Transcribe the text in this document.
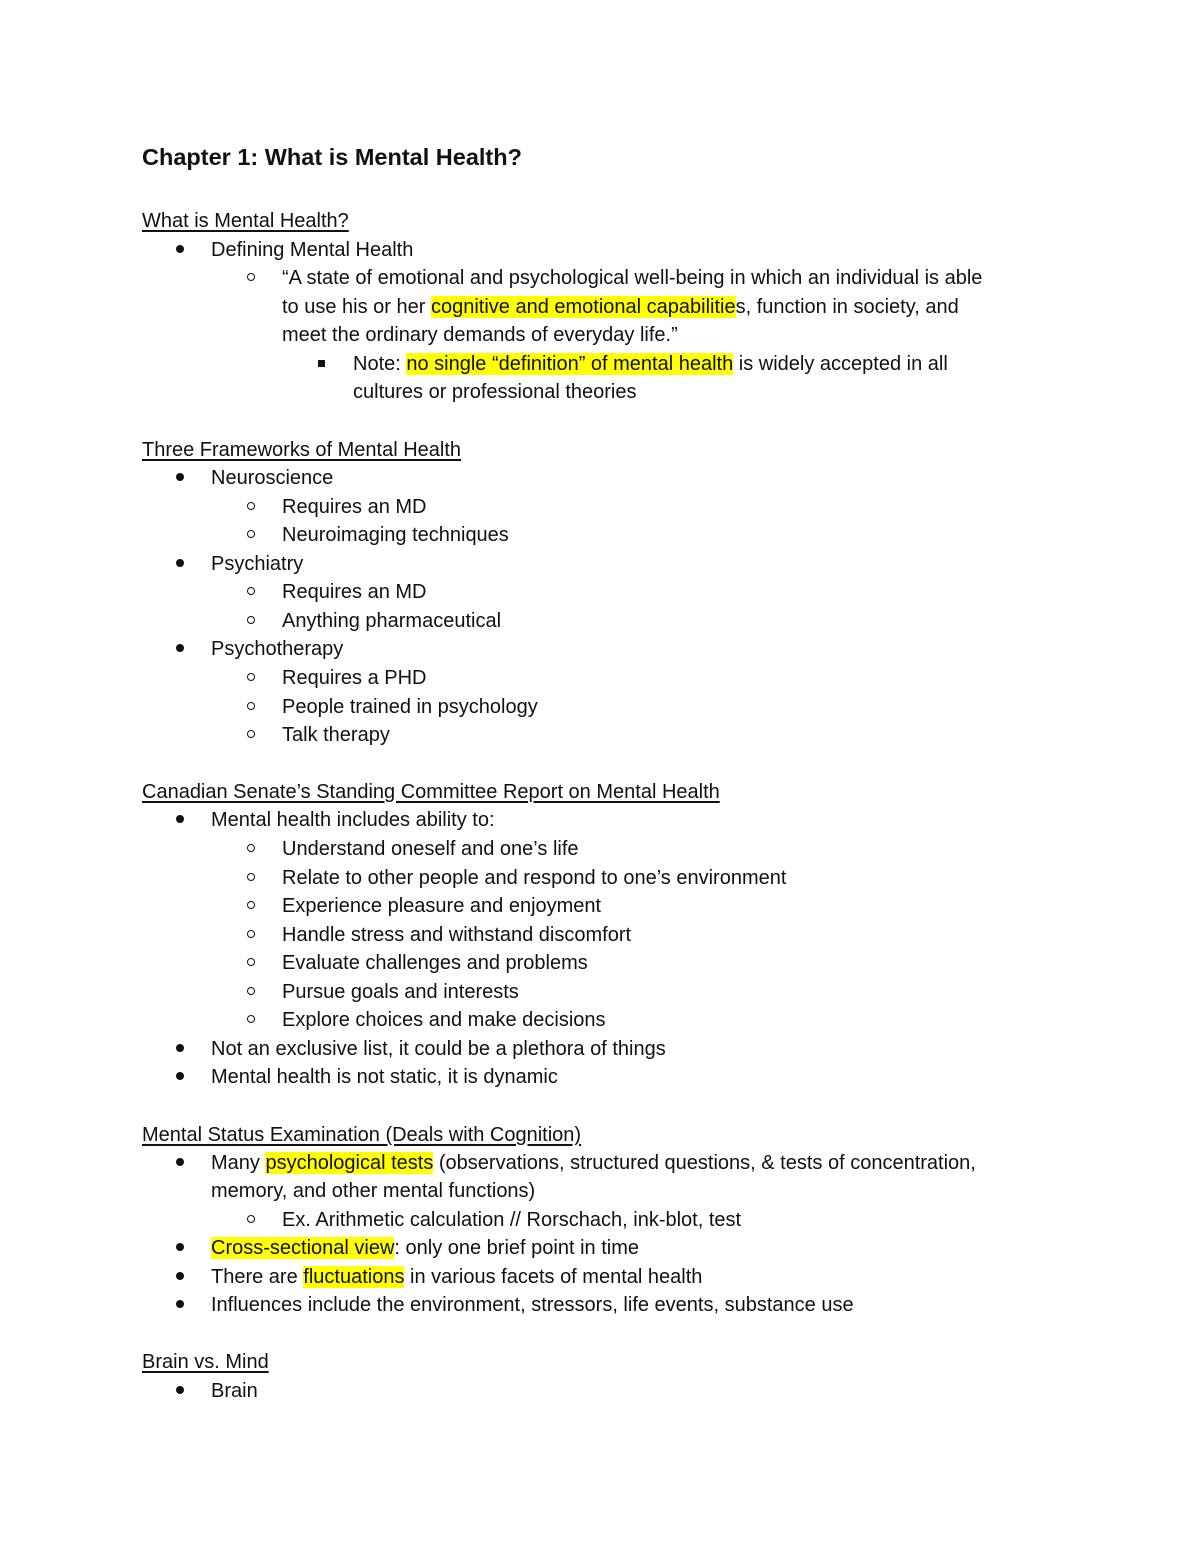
Chapter 1: What is Mental Health?
What is Mental Health?
Defining Mental Health
“A state of emotional and psychological well-being in which an individual is able
to use his or her cognitive and emotional capabilities, function in society, and
meet the ordinary demands of everyday life.”
Note: no single “definition” of mental health is widely accepted in all
cultures or professional theories
Three Frameworks of Mental Health
Neuroscience
Requires an MD
Neuroimaging techniques
Psychiatry
Requires an MD
Anything pharmaceutical
Psychotherapy
Requires a PHD
People trained in psychology
Talk therapy
Canadian Senate’s Standing Committee Report on Mental Health
Mental health includes ability to:
Understand oneself and one’s life
Relate to other people and respond to one’s environment
Experience pleasure and enjoyment
Handle stress and withstand discomfort
Evaluate challenges and problems
Pursue goals and interests
Explore choices and make decisions
Not an exclusive list, it could be a plethora of things
Mental health is not static, it is dynamic
Mental Status Examination (Deals with Cognition)
Many psychological tests (observations, structured questions, & tests of concentration,
memory, and other mental functions)
Ex. Arithmetic calculation // Rorschach, ink-blot, test
Cross-sectional view: only one brief point in time
There are fluctuations in various facets of mental health
Influences include the environment, stressors, life events, substance use
Brain vs. Mind
Brain
